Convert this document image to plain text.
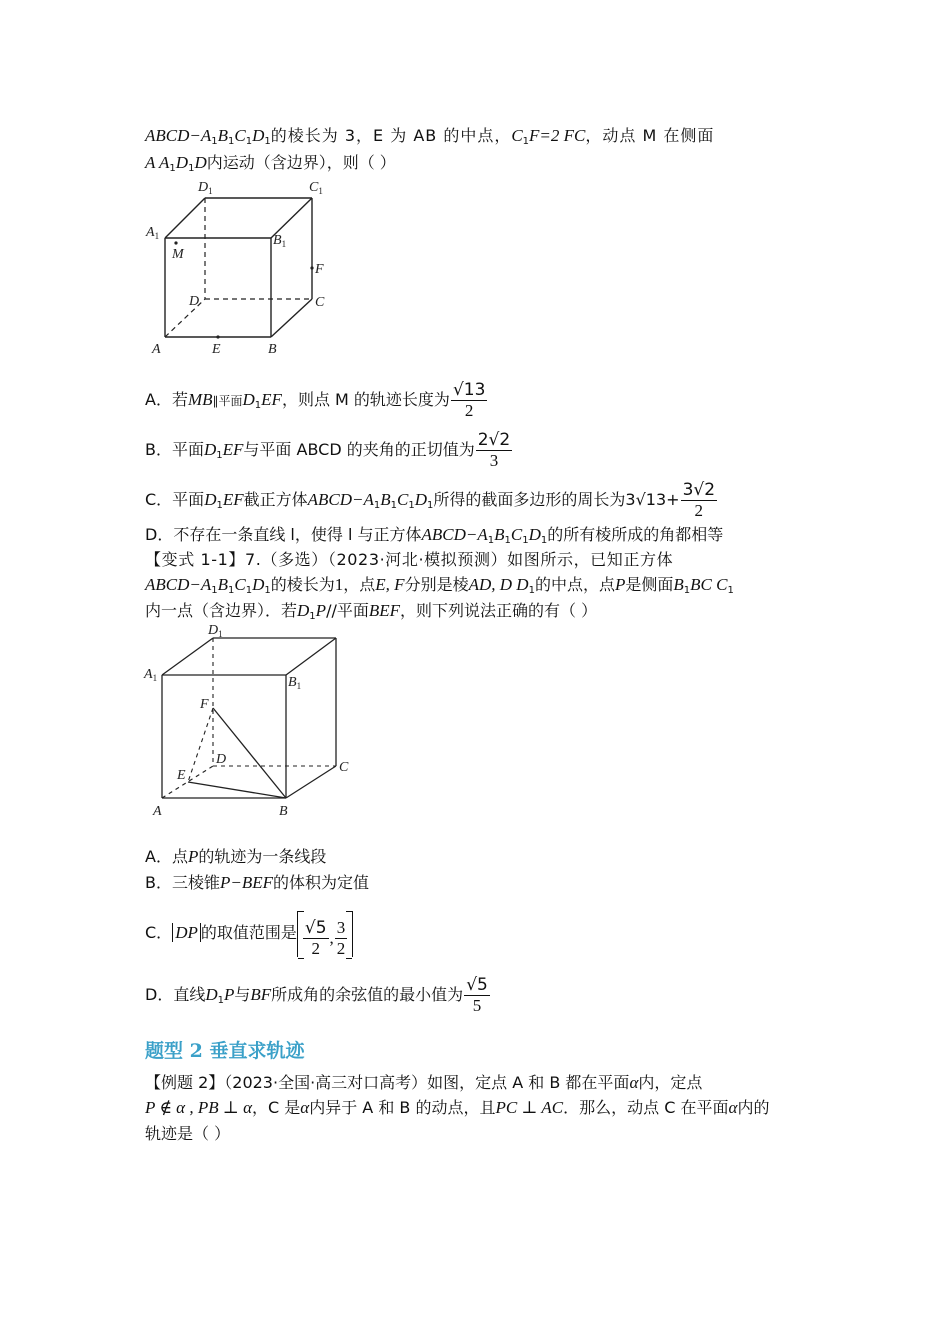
$ABCD-A_1B_1C_1D_1$的棱长为 3，E 为 AB 的中点，$C_1F=2$ FC，动点 M 在侧面
A $A_1D_1D$内运动（含边界），则（ ）
$D_1$	$C_1$
$A_1$	$B_1$
M
F
D	C
A	E	B
A．若MB∥平面$D_1EF$，则点 M 的轨迹长度为 $\frac{√13}{2}$
B．平面$D_1EF$与平面 ABCD 的夹角的正切值为 $\frac{2√2}{3}$
C．平面$D_1EF$截正方体$ABCD-A_1B_1C_1D_1$所得的截面多边形的周长为$3√13+ \frac{3√2}{2}$
D．不存在一条直线 l，使得 l 与正方体$ABCD-A_1B_1C_1D_1$的所有棱所成的角都相等
【变式 1-1】7.（多选）（2023·河北·模拟预测）如图所示，已知正方体
$ABCD-A_1B_1C_1D_1$的棱长为1，点E, F分别是棱AD, D $D_1$的中点，点P是侧面$B_1BC$ $C_1$
内一点（含边界）．若$D_1P//$平面BEF，则下列说法正确的有（ ）
$D_1$
$A_1$	$B_1$
F
D
C
E
A	B
A．点P的轨迹为一条线段
B．三棱锥P−BEF的体积为定值
C． DP 的取值范围是 $\frac{√5}{2}$ , $\frac{3}{2}$
D．直线$D_1P$与BF所成角的余弦值的最小值为 $\frac{√5}{5}$
题型 2 垂直求轨迹
【例题 2】（2023·全国·高三对口高考）如图，定点 A 和 B 都在平面α内，定点
P ∉ α , PB ⊥ α，C 是α内异于 A 和 B 的动点，且PC ⊥ AC．那么，动点 C 在平面α内的
轨迹是（ ）
